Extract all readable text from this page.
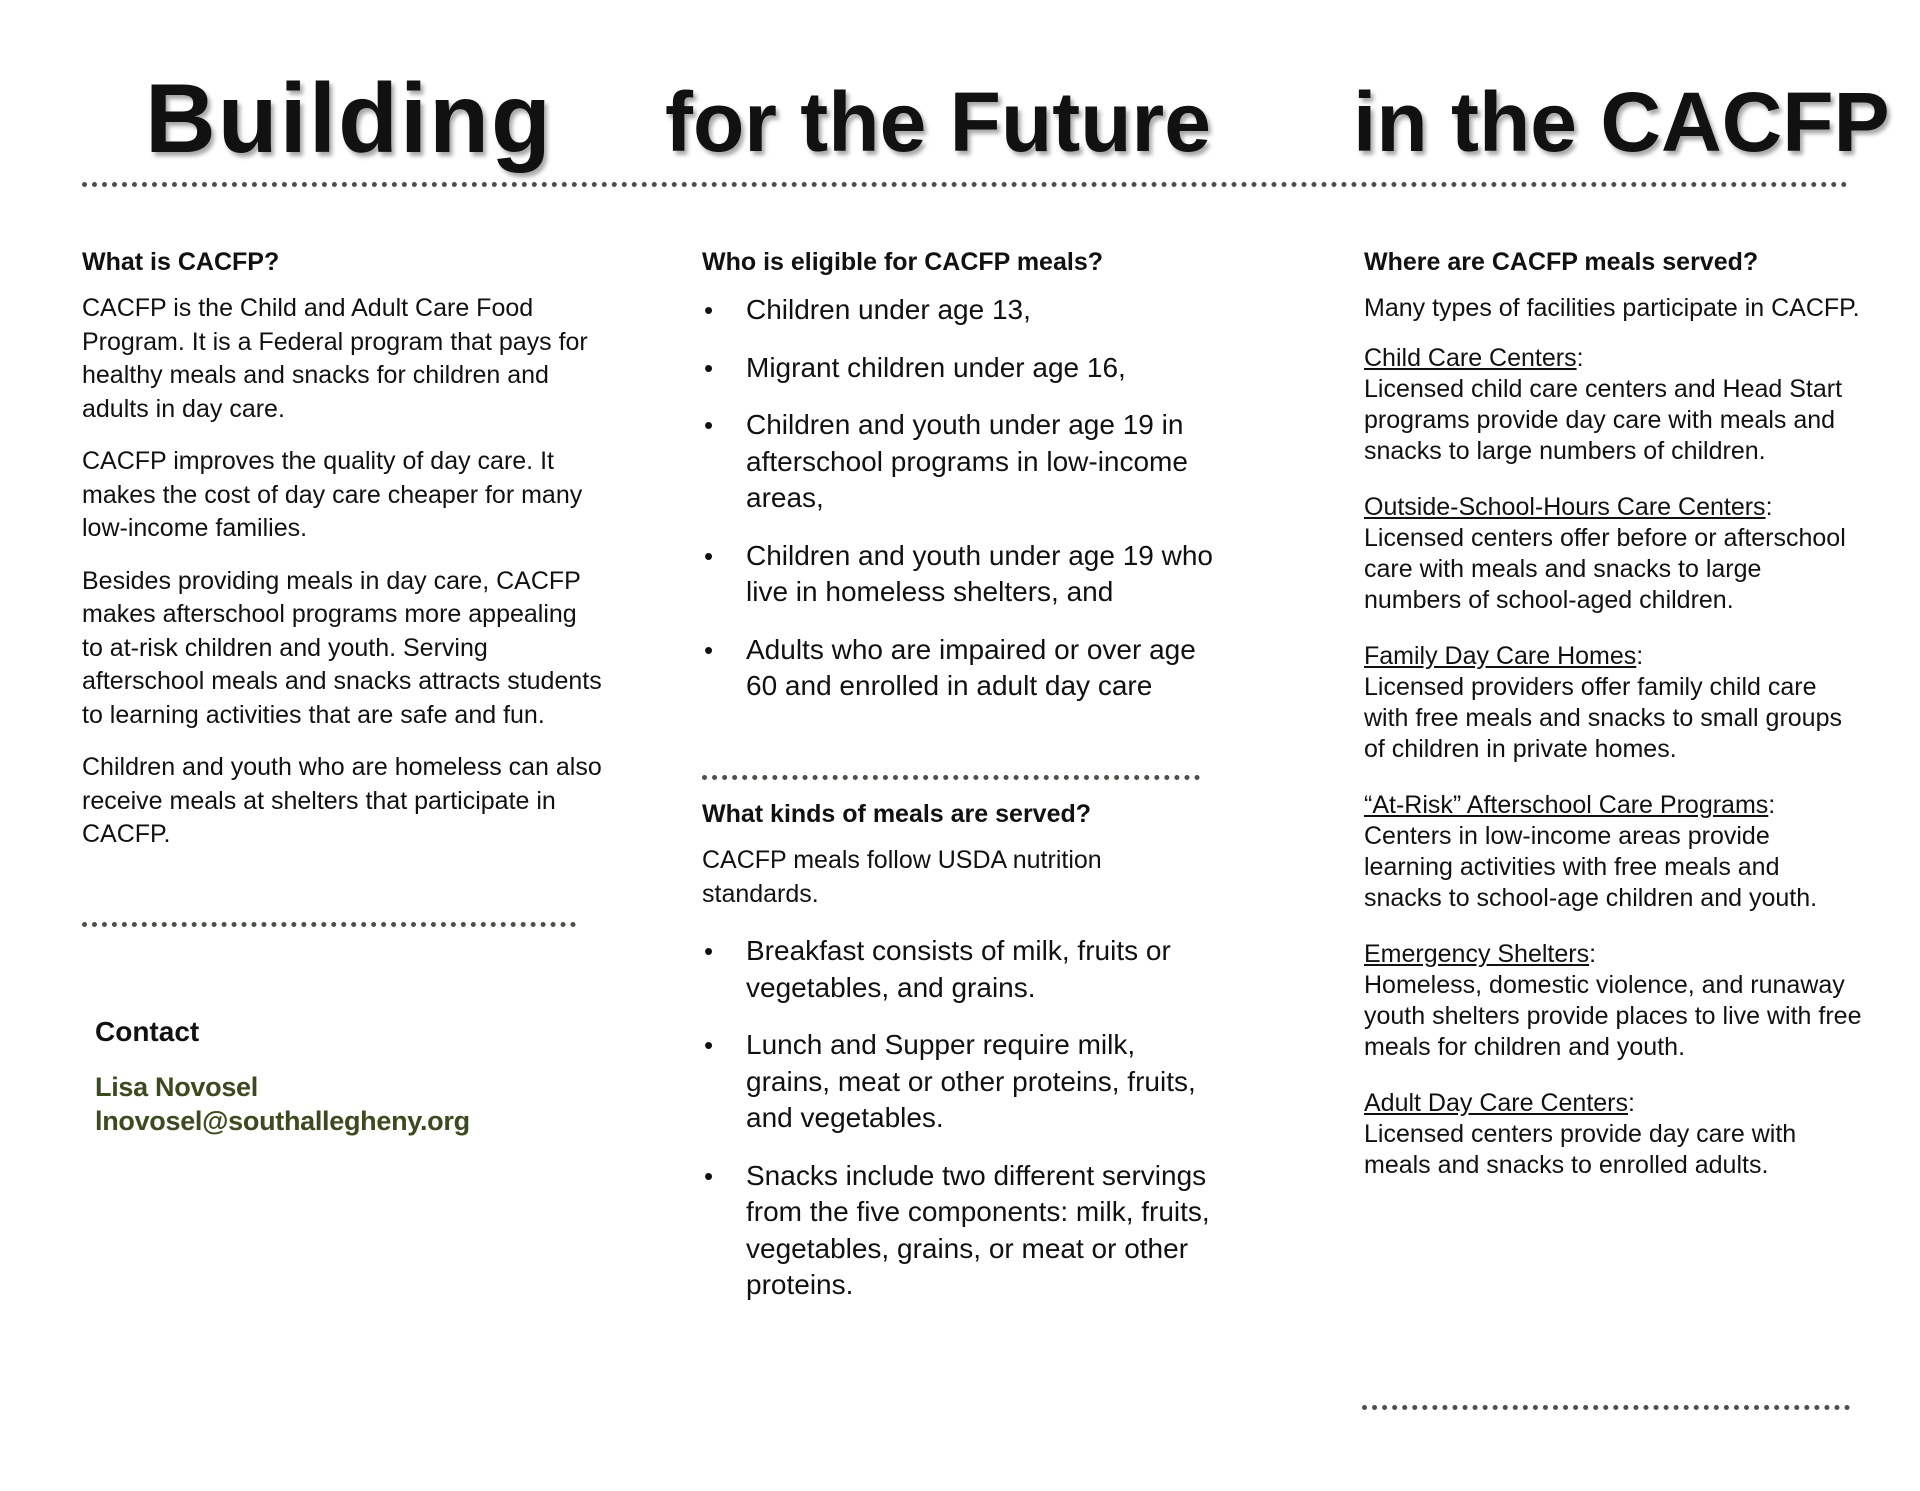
Building for the Future in the CACFP
What is CACFP?

CACFP is the Child and Adult Care Food Program. It is a Federal program that pays for healthy meals and snacks for children and adults in day care.

CACFP improves the quality of day care. It makes the cost of day care cheaper for many low-income families.

Besides providing meals in day care, CACFP makes afterschool programs more appealing to at-risk children and youth. Serving afterschool meals and snacks attracts students to learning activities that are safe and fun.

Children and youth who are homeless can also receive meals at shelters that participate in CACFP.

Contact
Lisa Novosel
lnovosel@southallegheny.org
Who is eligible for CACFP meals?
• Children under age 13,
• Migrant children under age 16,
• Children and youth under age 19 in afterschool programs in low-income areas,
• Children and youth under age 19 who live in homeless shelters, and
• Adults who are impaired or over age 60 and enrolled in adult day care
What kinds of meals are served?

CACFP meals follow USDA nutrition standards.

• Breakfast consists of milk, fruits or vegetables, and grains.
• Lunch and Supper require milk, grains, meat or other proteins, fruits, and vegetables.
• Snacks include two different servings from the five components: milk, fruits, vegetables, grains, or meat or other proteins.
Where are CACFP meals served?

Many types of facilities participate in CACFP.

Child Care Centers:
Licensed child care centers and Head Start programs provide day care with meals and snacks to large numbers of children.
Outside-School-Hours Care Centers:
Licensed centers offer before or afterschool care with meals and snacks to large numbers of school-aged children.
Family Day Care Homes:
Licensed providers offer family child care with free meals and snacks to small groups of children in private homes.
“At-Risk” Afterschool Care Programs:
Centers in low-income areas provide learning activities with free meals and snacks to school-age children and youth.
Emergency Shelters:
Homeless, domestic violence, and runaway youth shelters provide places to live with free meals for children and youth.
Adult Day Care Centers:
Licensed centers provide day care with meals and snacks to enrolled adults.
